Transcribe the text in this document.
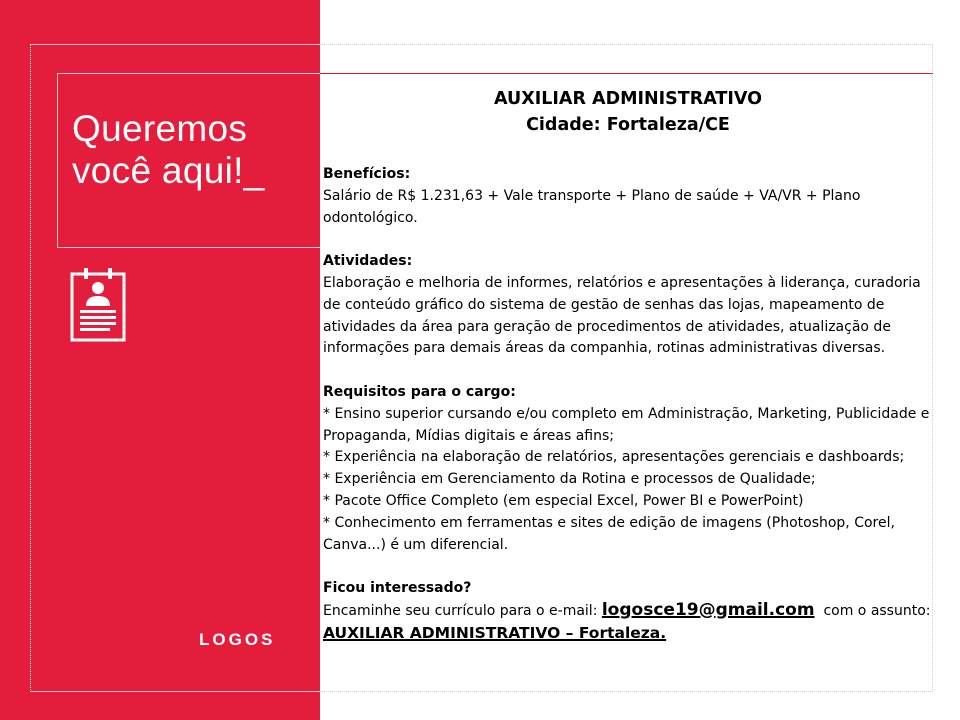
Queremos
você aqui!_
LOGOS
AUXILIAR ADMINISTRATIVO
Cidade: Fortaleza/CE
Benefícios:
Salário de R$ 1.231,63 + Vale transporte + Plano de saúde + VA/VR + Plano odontológico.
Atividades:
Elaboração e melhoria de informes, relatórios e apresentações à liderança, curadoria de conteúdo gráfico do sistema de gestão de senhas das lojas, mapeamento de atividades da área para geração de procedimentos de atividades, atualização de informações para demais áreas da companhia, rotinas administrativas diversas.
Requisitos para o cargo:
* Ensino superior cursando e/ou completo em Administração, Marketing, Publicidade e Propaganda, Mídias digitais e áreas afins;
* Experiência na elaboração de relatórios, apresentações gerenciais e dashboards;
* Experiência em Gerenciamento da Rotina e processos de Qualidade;
* Pacote Office Completo (em especial Excel, Power BI e PowerPoint)
* Conhecimento em ferramentas e sites de edição de imagens (Photoshop, Corel, Canva...) é um diferencial.
Ficou interessado?
Encaminhe seu currículo para o e-mail: logosce19@gmail.com  com o assunto:
AUXILIAR ADMINISTRATIVO – Fortaleza.
